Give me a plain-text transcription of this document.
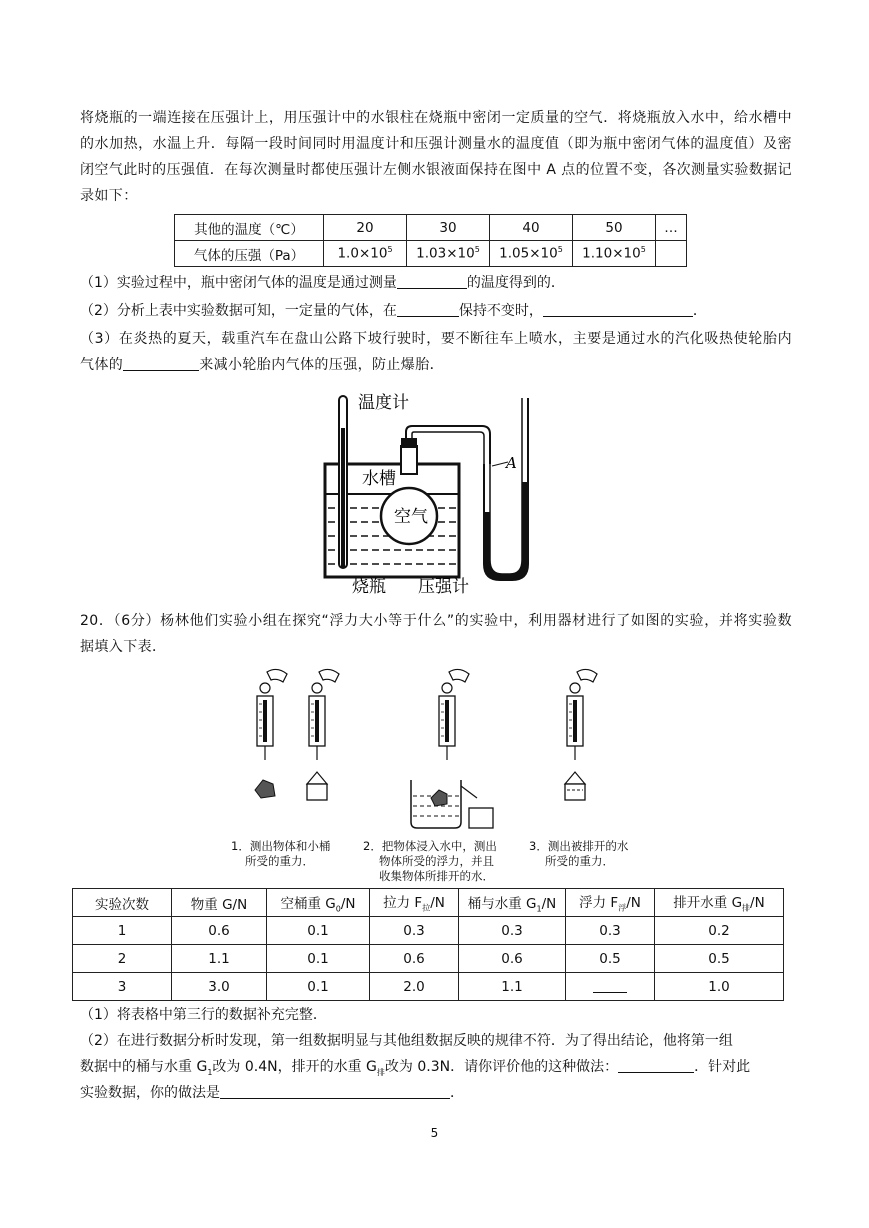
将烧瓶的一端连接在压强计上，用压强计中的水银柱在烧瓶中密闭一定质量的空气．将烧瓶放入水中，给水槽中的水加热，水温上升．每隔一段时间同时用温度计和压强计测量水的温度值（即为瓶中密闭气体的温度值）及密闭空气此时的压强值．在每次测量时都使压强计左侧水银液面保持在图中 A 点的位置不变，各次测量实验数据记录如下：
其他的温度（℃）	20	30	40	50	…
气体的压强（Pa）	$1.0\times 10^5$	$1.03\times 10^5$	$1.05\times 10^5$	$1.10\times 10^5$	
（1）实验过程中，瓶中密闭气体的温度是通过测量	的温度得到的．
（2）分析上表中实验数据可知，一定量的气体，在	保持不变时，	．
（3）在炎热的夏天，载重汽车在盘山公路下坡行驶时，要不断往车上喷水，主要是通过水的汽化吸热使轮胎内气体的	来减小轮胎内气体的压强，防止爆胎．
温度计
水槽
空气
A
烧瓶 压强计
20．（6分）杨林他们实验小组在探究“浮力大小等于什么”的实验中，利用器材进行了如图的实验，并将实验数据填入下表．
1．测出物体和小桶
所受的重力．
2．把物体浸入水中，测出
物体所受的浮力，并且
收集物体所排开的水．
3．测出被排开的水
所受的重力．
实验次数	物重 G/N	空桶重 $G_0/N$	拉力 $F_拉/N$	桶与水重 $G_1/N$	浮力 $F_浮/N$	排开水重 $G_排/N$
1	0.6	0.1	0.3	0.3	0.3	0.2
2	1.1	0.1	0.6	0.6	0.5	0.5
3	3.0	0.1	2.0	1.1		1.0
（1）将表格中第三行的数据补充完整．
（2）在进行数据分析时发现，第一组数据明显与其他组数据反映的规律不符．为了得出结论，他将第一组
数据中的桶与水重 $G_1$改为 0.4N，排开的水重 $G_排$改为 0.3N．请你评价他的这种做法：	．针对此
实验数据，你的做法是	．
5
